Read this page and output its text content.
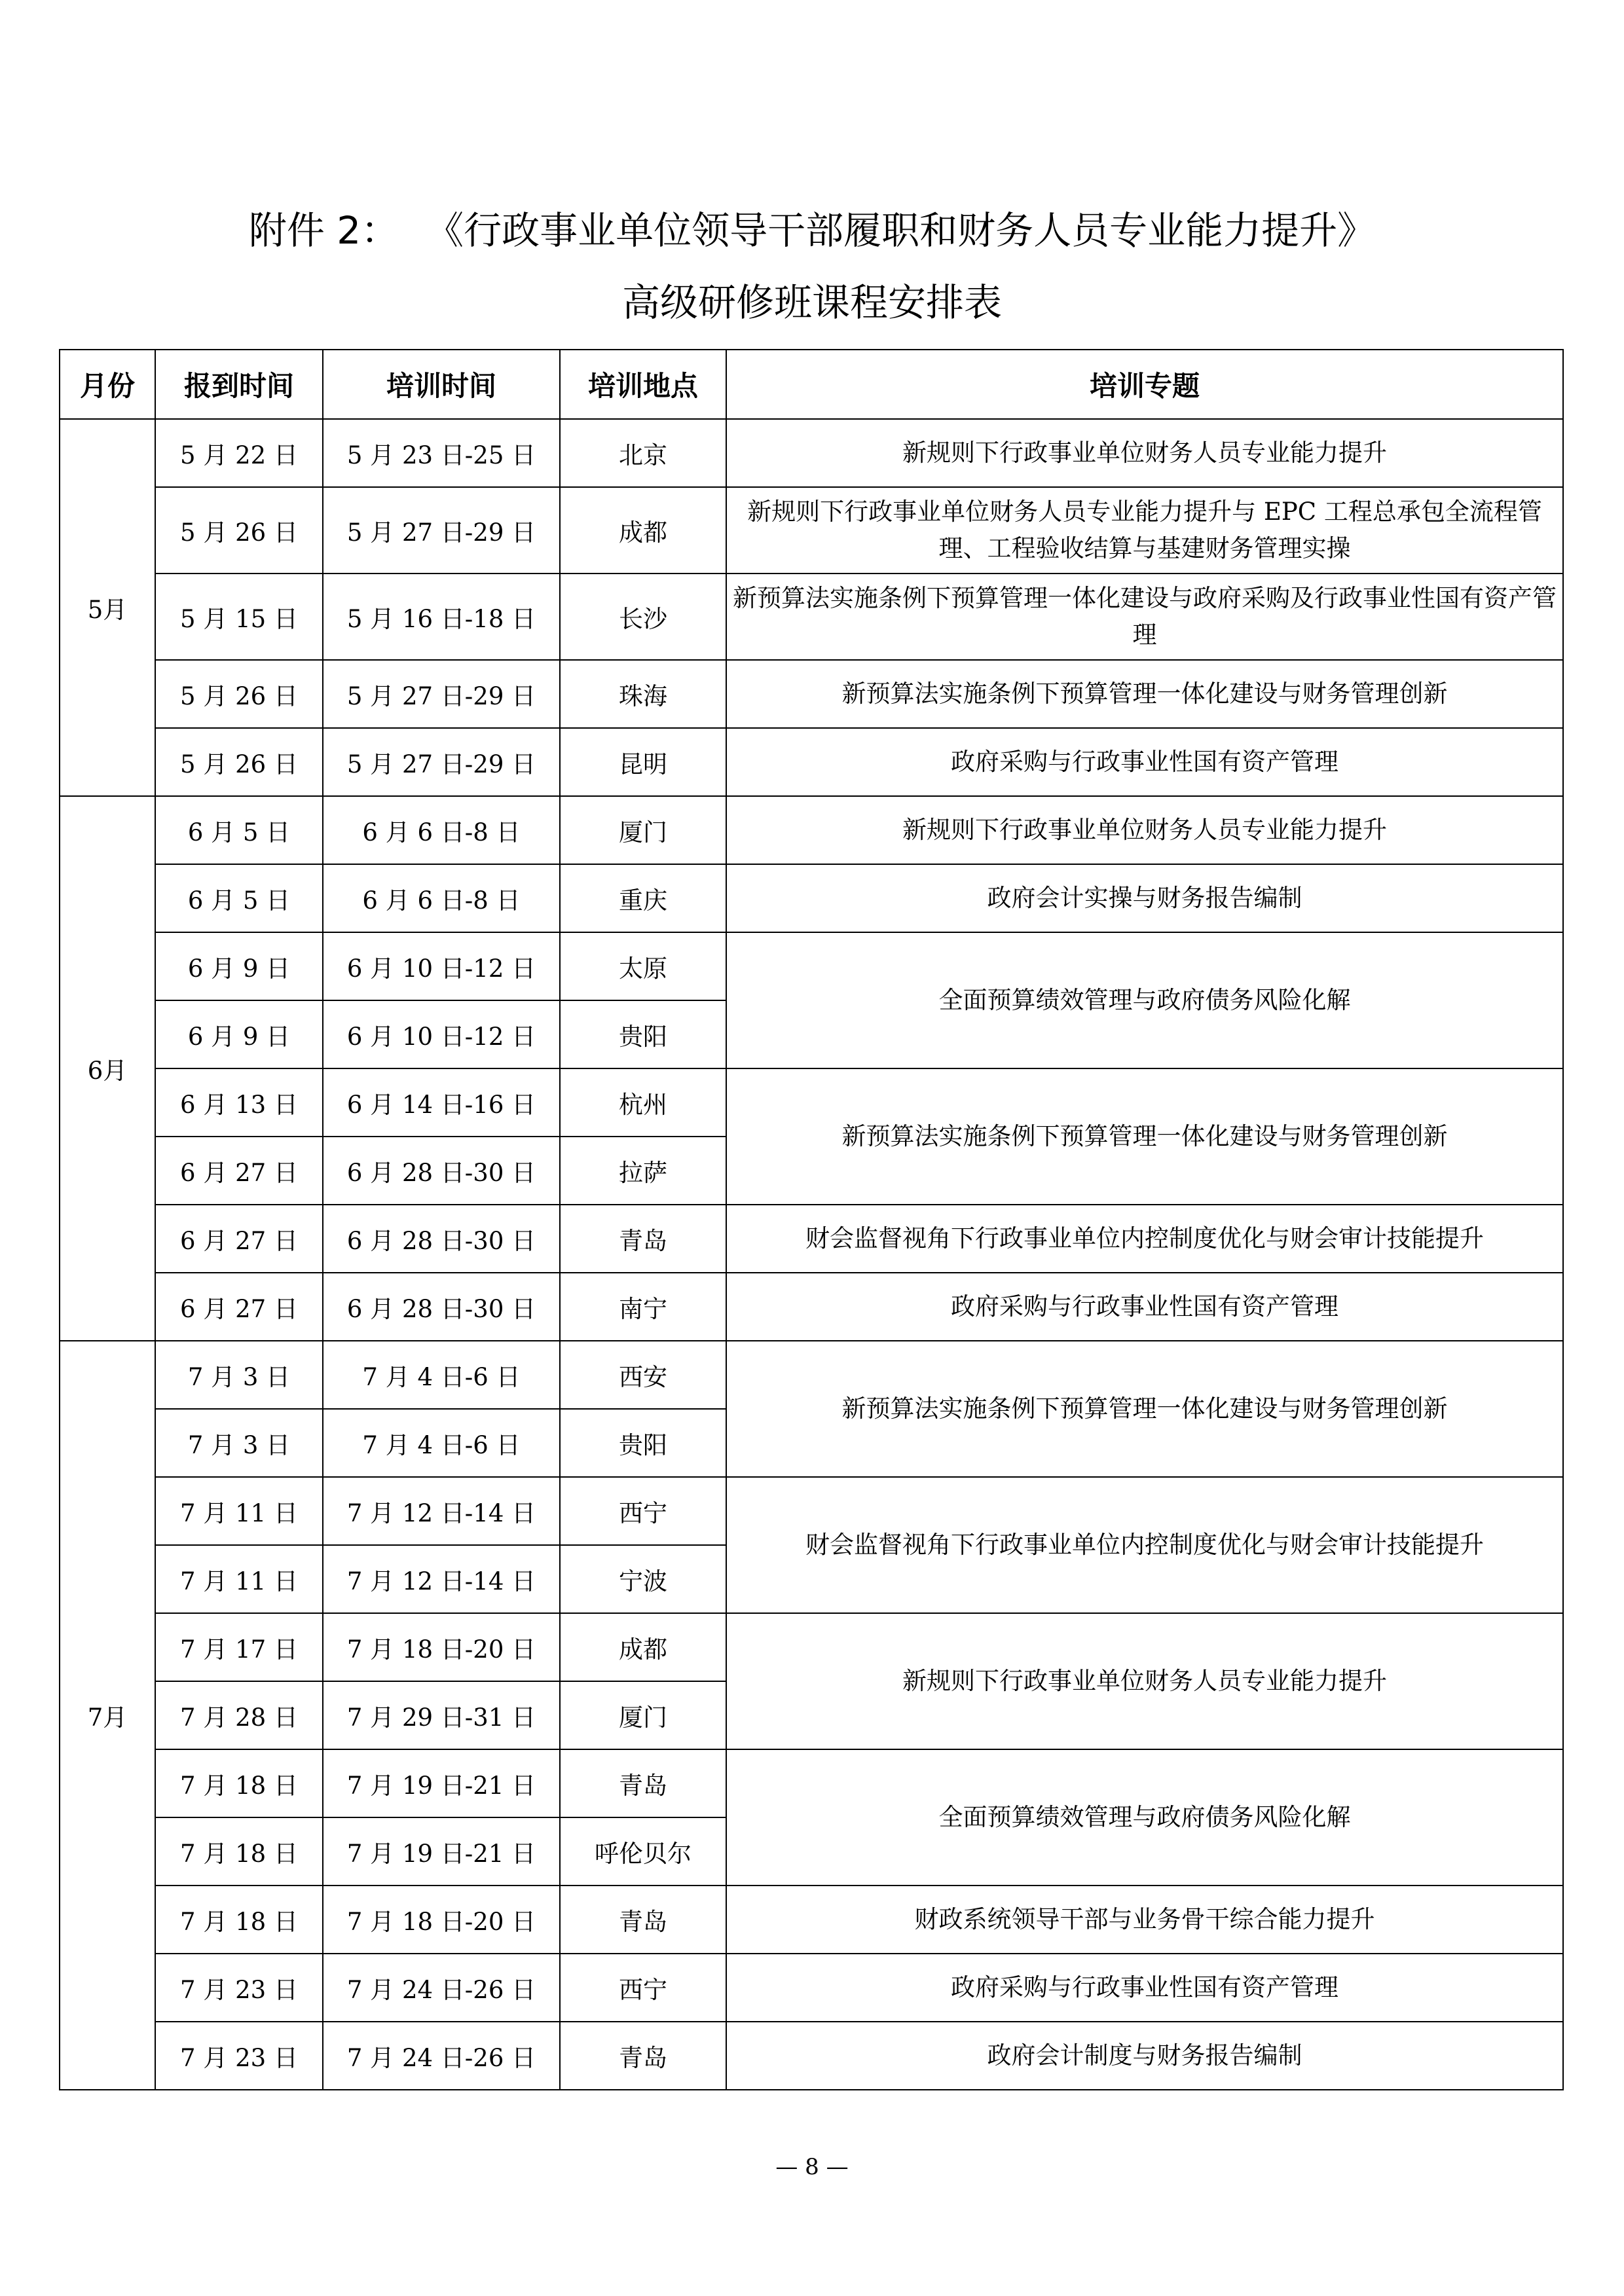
附件 2： 《行政事业单位领导干部履职和财务人员专业能力提升》
高级研修班课程安排表
月份	报到时间	培训时间	培训地点	培训专题
5月	5 月 22 日	5 月 23 日-25 日	北京	新规则下行政事业单位财务人员专业能力提升
	5 月 26 日	5 月 27 日-29 日	成都	新规则下行政事业单位财务人员专业能力提升与 EPC 工程总承包全流程管理、工程验收结算与基建财务管理实操
	5 月 15 日	5 月 16 日-18 日	长沙	新预算法实施条例下预算管理一体化建设与政府采购及行政事业性国有资产管理
	5 月 26 日	5 月 27 日-29 日	珠海	新预算法实施条例下预算管理一体化建设与财务管理创新
	5 月 26 日	5 月 27 日-29 日	昆明	政府采购与行政事业性国有资产管理
6月	6 月 5 日	6 月 6 日-8 日	厦门	新规则下行政事业单位财务人员专业能力提升
	6 月 5 日	6 月 6 日-8 日	重庆	政府会计实操与财务报告编制
	6 月 9 日	6 月 10 日-12 日	太原	全面预算绩效管理与政府债务风险化解
	6 月 9 日	6 月 10 日-12 日	贵阳	
	6 月 13 日	6 月 14 日-16 日	杭州	新预算法实施条例下预算管理一体化建设与财务管理创新
	6 月 27 日	6 月 28 日-30 日	拉萨	
	6 月 27 日	6 月 28 日-30 日	青岛	财会监督视角下行政事业单位内控制度优化与财会审计技能提升
	6 月 27 日	6 月 28 日-30 日	南宁	政府采购与行政事业性国有资产管理
7月	7 月 3 日	7 月 4 日-6 日	西安	新预算法实施条例下预算管理一体化建设与财务管理创新
	7 月 3 日	7 月 4 日-6 日	贵阳	
	7 月 11 日	7 月 12 日-14 日	西宁	财会监督视角下行政事业单位内控制度优化与财会审计技能提升
	7 月 11 日	7 月 12 日-14 日	宁波	
	7 月 17 日	7 月 18 日-20 日	成都	新规则下行政事业单位财务人员专业能力提升
	7 月 28 日	7 月 29 日-31 日	厦门	
	7 月 18 日	7 月 19 日-21 日	青岛	全面预算绩效管理与政府债务风险化解
	7 月 18 日	7 月 19 日-21 日	呼伦贝尔	
	7 月 18 日	7 月 18 日-20 日	青岛	财政系统领导干部与业务骨干综合能力提升
	7 月 23 日	7 月 24 日-26 日	西宁	政府采购与行政事业性国有资产管理
	7 月 23 日	7 月 24 日-26 日	青岛	政府会计制度与财务报告编制
— 8 —
